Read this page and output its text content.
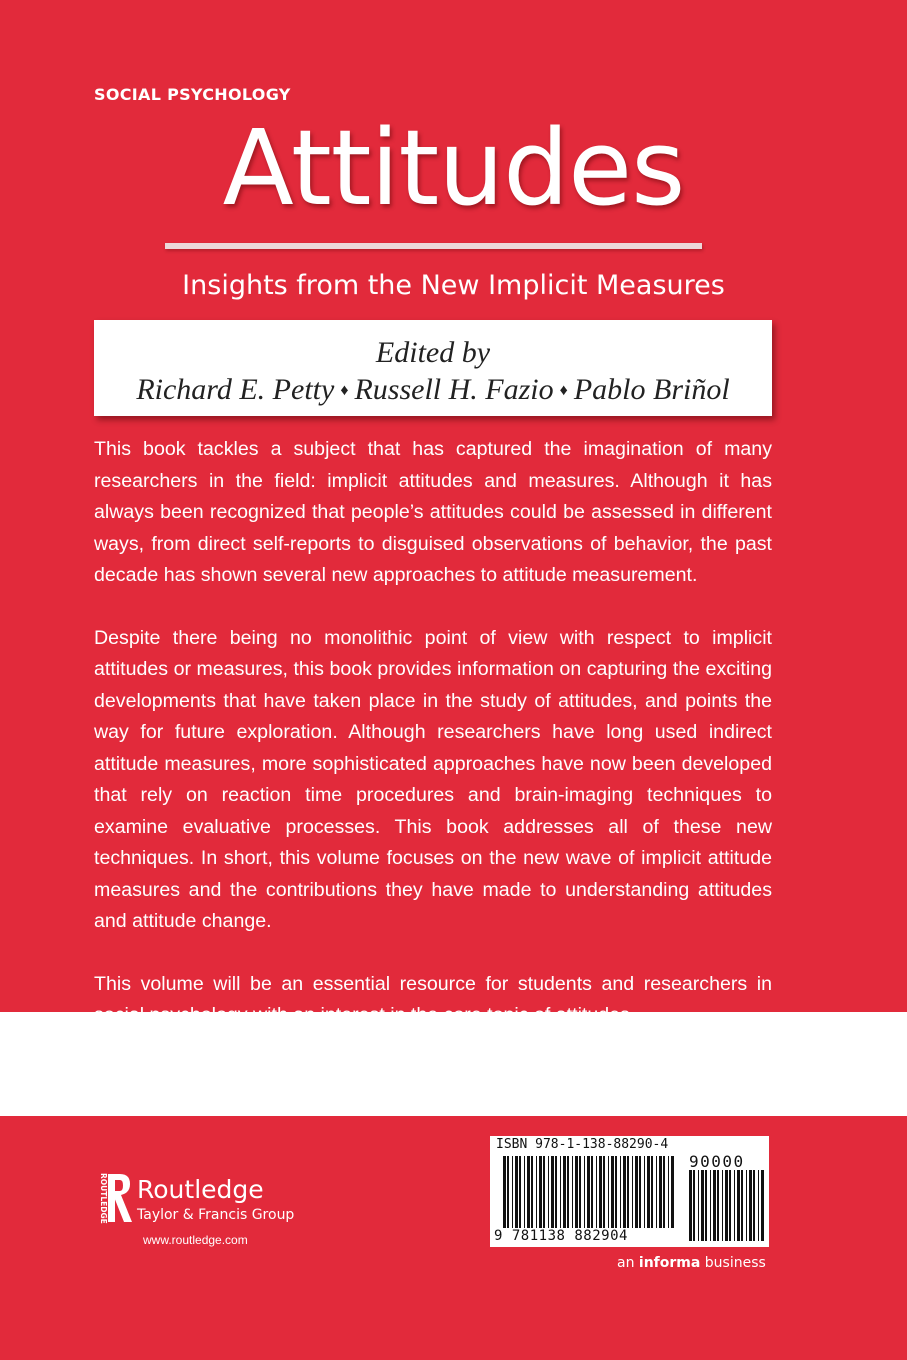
SOCIAL PSYCHOLOGY
Attitudes
Insights from the New Implicit Measures
Edited by
Richard E. Petty ♦ Russell H. Fazio ♦ Pablo Briñol

This book tackles a subject that has captured the imagination of many researchers in the field: implicit attitudes and measures. Although it has always been recognized that people’s attitudes could be assessed in different ways, from direct self-reports to disguised observations of behavior, the past decade has shown several new approaches to attitude measurement.

Despite there being no monolithic point of view with respect to implicit attitudes or measures, this book provides information on capturing the exciting developments that have taken place in the study of attitudes, and points the way for future exploration. Although researchers have long used indirect attitude measures, more sophisticated approaches have now been developed that rely on reaction time procedures and brain-imaging techniques to examine evaluative processes. This book addresses all of these new techniques. In short, this volume focuses on the new wave of implicit attitude measures and the contributions they have made to understanding attitudes and attitude change.

This volume will be an essential resource for students and researchers in

ROUTLEDGE Routledge
Taylor & Francis Group
www.routledge.com
ISBN 978-1-138-88290-4
9 781138 882904
90000
an informa business
